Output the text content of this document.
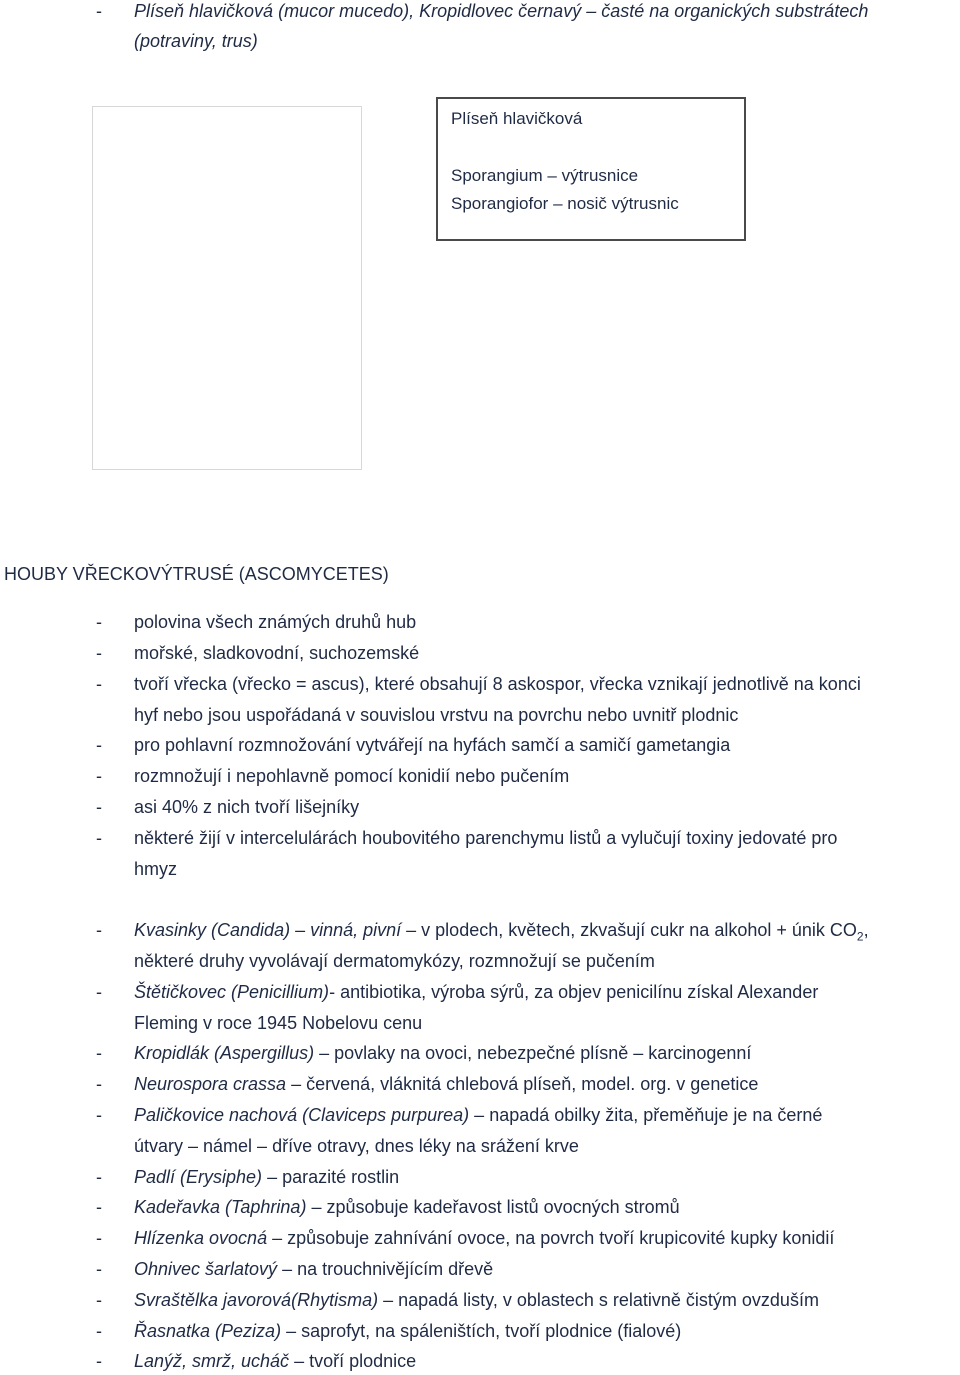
- Plíseň hlavičková (mucor mucedo), Kropidlovec černavý – časté na organických substrátech
(potraviny, trus)
Plíseň hlavičková
Sporangium – výtrusnice
Sporangiofor – nosič výtrusnic
HOUBY VŘECKOVÝTRUSÉ (ASCOMYCETES)
- polovina všech známých druhů hub
- mořské, sladkovodní, suchozemské
- tvoří vřecka (vřecko = ascus), které obsahují 8 askospor, vřecka vznikají jednotlivě na konci
hyf nebo jsou uspořádaná v souvislou vrstvu na povrchu nebo uvnitř plodnic
- pro pohlavní rozmnožování vytvářejí na hyfách samčí a samičí gametangia
- rozmnožují i nepohlavně pomocí konidií nebo pučením
- asi 40% z nich tvoří lišejníky
- některé žijí v intercelulárách houbovitého parenchymu listů a vylučují toxiny jedovaté pro
hmyz
- Kvasinky (Candida) – vinná, pivní – v plodech, květech, zkvašují cukr na alkohol + únik $CO_2$,
některé druhy vyvolávají dermatomykózy, rozmnožují se pučením
- Štětičkovec (Penicillium)- antibiotika, výroba sýrů, za objev penicilínu získal Alexander
Fleming v roce 1945 Nobelovu cenu
- Kropidlák (Aspergillus) – povlaky na ovoci, nebezpečné plísně – karcinogenní
- Neurospora crassa – červená, vláknitá chlebová plíseň, model. org. v genetice
- Paličkovice nachová (Claviceps purpurea) – napadá obilky žita, přeměňuje je na černé
útvary – námel – dříve otravy, dnes léky na srážení krve
- Padlí (Erysiphe) – parazité rostlin
- Kadeřavka (Taphrina) – způsobuje kadeřavost listů ovocných stromů
- Hlízenka ovocná – způsobuje zahnívání ovoce, na povrch tvoří krupicovité kupky konidií
- Ohnivec šarlatový – na trouchnivějícím dřevě
- Svraštělka javorová(Rhytisma) – napadá listy, v oblastech s relativně čistým ovzduším
- Řasnatka (Peziza) – saprofyt, na spáleništích, tvoří plodnice (fialové)
- Lanýž, smrž, ucháč – tvoří plodnice
